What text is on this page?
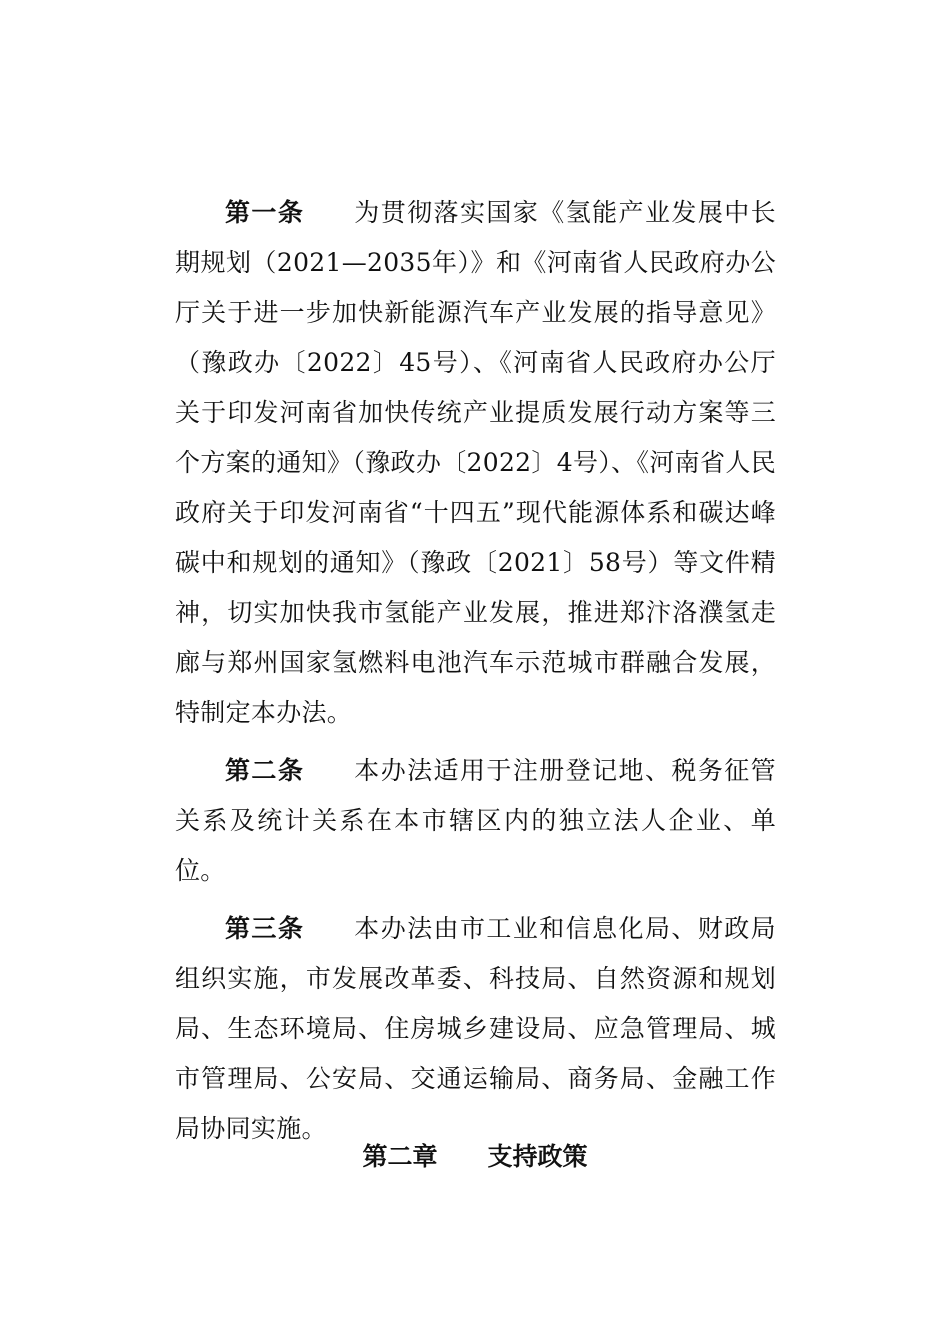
第一条 为贯彻落实国家《氢能产业发展中长期规划（2021—2035年）》和《河南省人民政府办公厅关于进一步加快新能源汽车产业发展的指导意见》（豫政办〔2022〕45号）、《河南省人民政府办公厅关于印发河南省加快传统产业提质发展行动方案等三个方案的通知》（豫政办〔2022〕4号）、《河南省人民政府关于印发河南省“十四五”现代能源体系和碳达峰碳中和规划的通知》（豫政〔2021〕58号）等文件精神，切实加快我市氢能产业发展，推进郑汴洛濮氢走廊与郑州国家氢燃料电池汽车示范城市群融合发展，特制定本办法。

第二条 本办法适用于注册登记地、税务征管关系及统计关系在本市辖区内的独立法人企业、单位。

第三条 本办法由市工业和信息化局、财政局组织实施，市发展改革委、科技局、自然资源和规划局、生态环境局、住房城乡建设局、应急管理局、城市管理局、公安局、交通运输局、商务局、金融工作局协同实施。

第二章 支持政策
